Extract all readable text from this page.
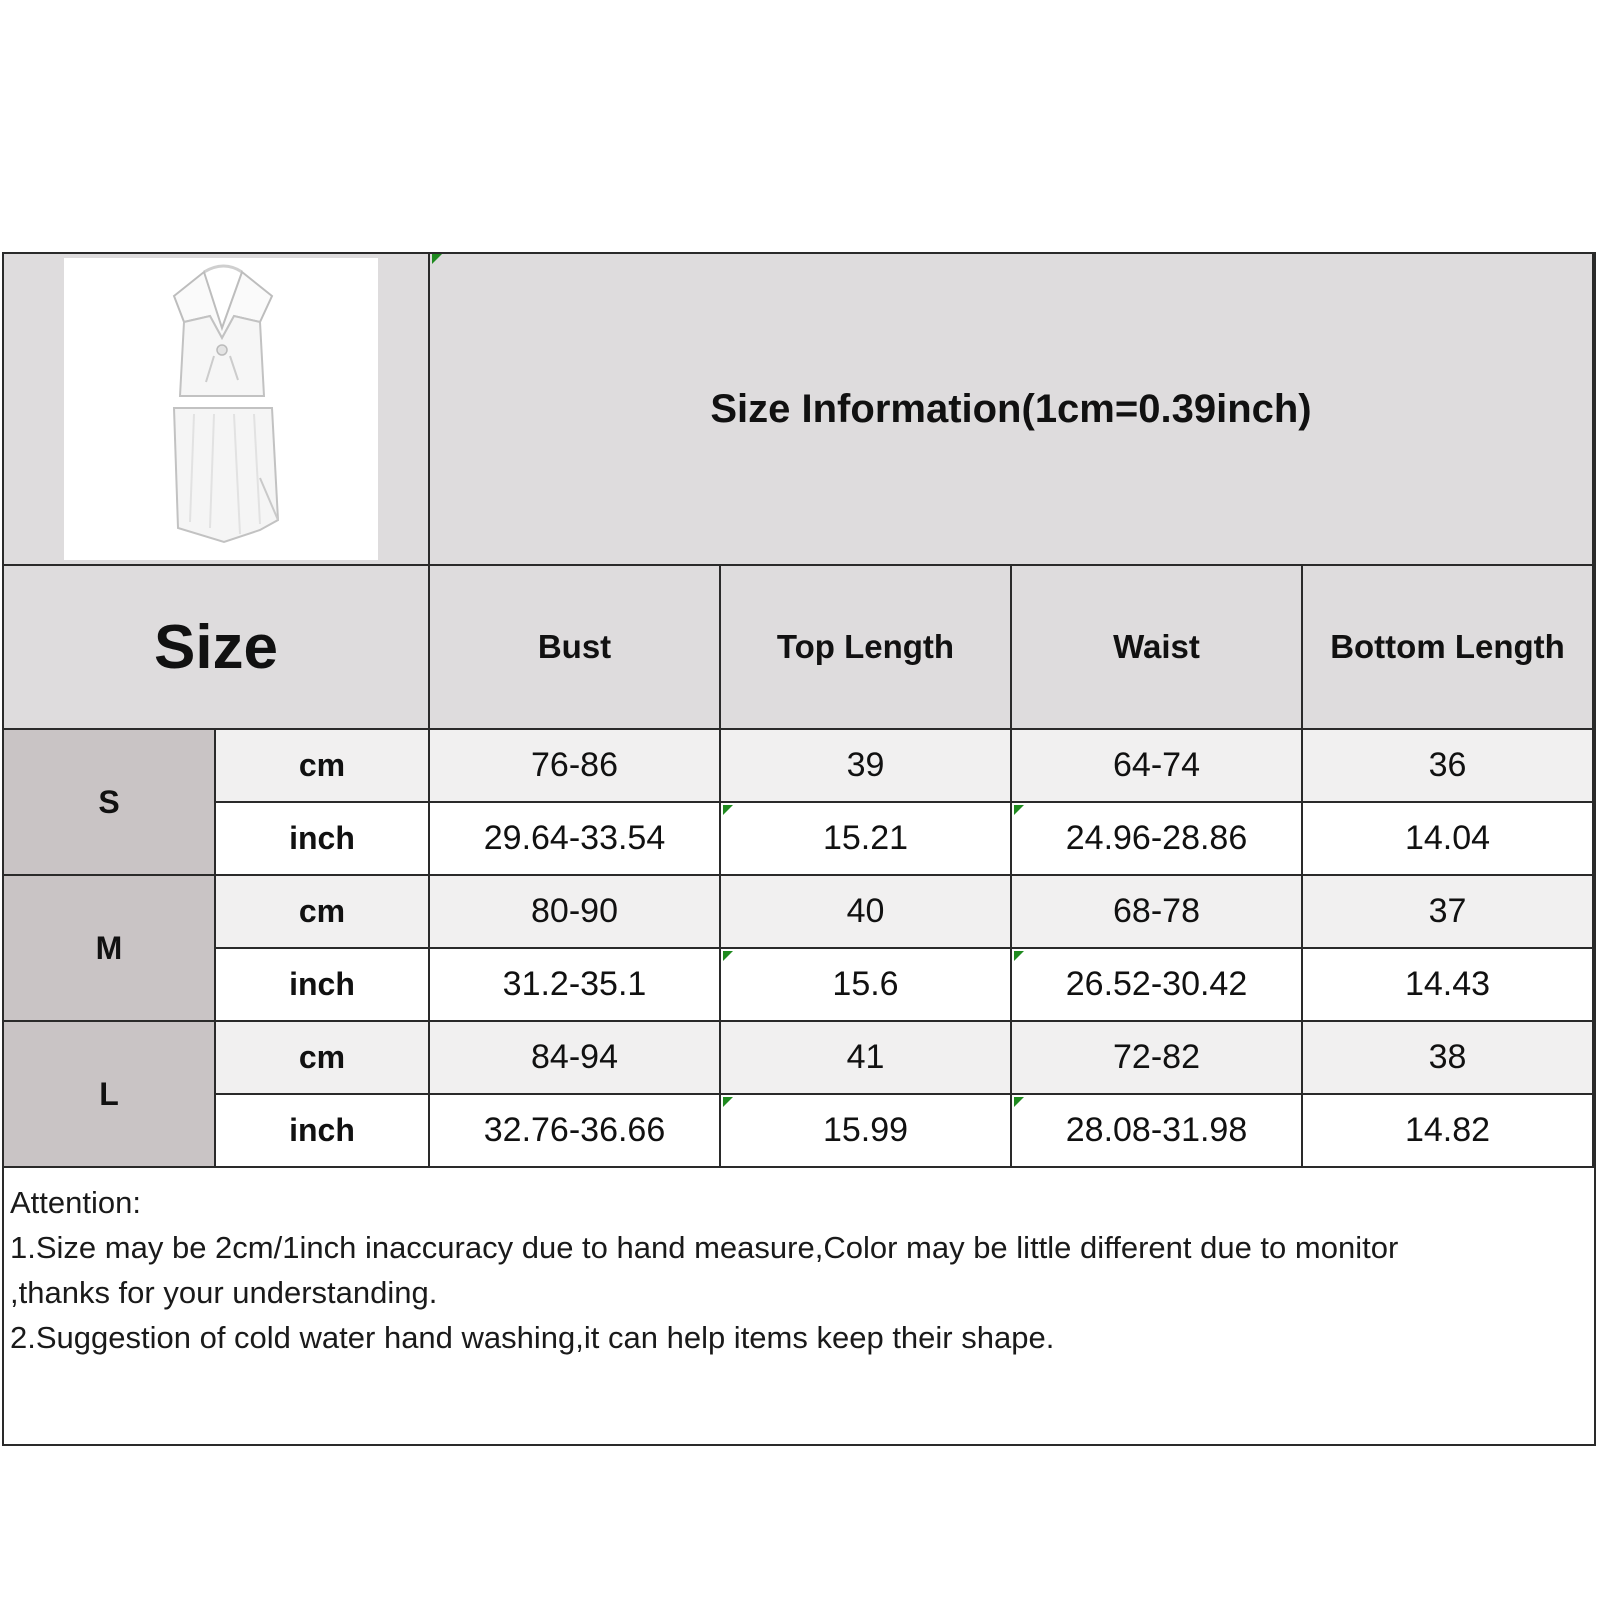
Size Information(1cm=0.39inch)
Size	Bust	Top Length	Waist	Bottom Length
S
cm	76-86	39	64-74	36
inch	29.64-33.54	15.21	24.96-28.86	14.04
M
cm	80-90	40	68-78	37
inch	31.2-35.1	15.6	26.52-30.42	14.43
L
cm	84-94	41	72-82	38
inch	32.76-36.66	15.99	28.08-31.98	14.82

Attention:

1.Size may be 2cm/1inch inaccuracy due to hand measure,Color may be little different due to monitor

,thanks for your understanding.

2.Suggestion of cold water hand washing,it can help items keep their shape.
